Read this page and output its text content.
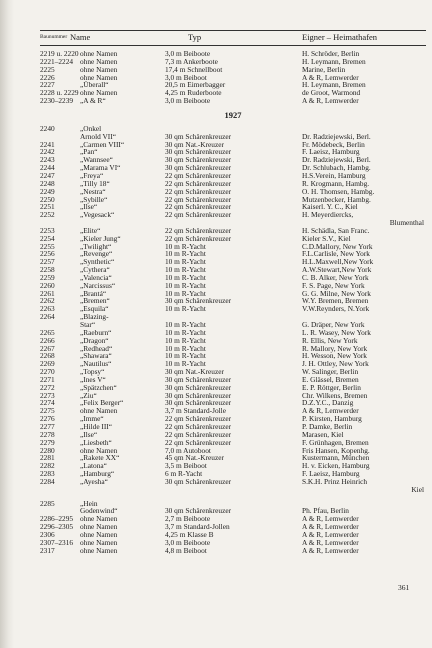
Baunummer Name	Typ	Eigner – Heimathafen
2219 u. 2220 ohne Namen	3,0 m Beiboote	H. Schröder, Berlin
2221–2224 ohne Namen	7,3 m Ankerboote	H. Leymann, Bremen
2225	ohne Namen	17,4 m Schnellboot	Marine, Berlin
2226	ohne Namen	3,0 m Beiboot	A & R, Lemwerder
2227	„Überall“	20,5 m Eimerbagger	H. Leymann, Bremen
2228 u. 2229 ohne Namen	4,25 m Ruderboote	de Groot, Warmond
2230–2239 „A & R“	3,0 m Beiboote	A & R, Lemwerder
1927
2240	„Onkel
Arnold VII“	30 qm Schärenkreuzer	Dr. Radziejewski, Berl.
2241	„Carmen VIII“	30 qm Nat.-Kreuzer	Fr. Mödebeck, Berlin
2242	„Pan“	30 qm Schärenkreuzer	F. Laeisz, Hamburg
2243	„Wannsee“	30 qm Schärenkreuzer	Dr. Radziejewski, Berl.
2244	„Marama VI“	30 qm Schärenkreuzer	Dr. Schlubach, Hambg.
2247	„Freya“	22 qm Schärenkreuzer	H.S.Verein, Hamburg
2248	„Tilly 18“	22 qm Schärenkreuzer	R. Krogmann, Hambg.
2249	„Nestra“	22 qm Schärenkreuzer	O. H. Thomsen, Hambg.
2250	„Sybille“	22 qm Schärenkreuzer	Mutzenbecker, Hambg.
2251	„Ilse“	22 qm Schärenkreuzer	Kaiserl. Y. C., Kiel
2252	„Vegesack“	22 qm Schärenkreuzer	H. Meyerdiercks,
Blumenthal
2253	„Elite“	22 qm Schärenkreuzer	H. Schädla, San Franc.
2254	„Kieler Jung“	22 qm Schärenkreuzer	Kieler S.V., Kiel
2255	„Twilight“	10 m R-Yacht	C.D.Mallory, New York
2256	„Revenge“	10 m R-Yacht	F.L.Carlisle, New York
2257	„Synthetic“	10 m R-Yacht	H.L.Maxwell,New York
2258	„Cythera“	10 m R-Yacht	A.W.Stewart,New York
2259	„Valencia“	10 m R-Yacht	C. B. Alker, New York
2260	„Narcissus“	10 m R-Yacht	F. S. Page, New York
2261	„Brantá“	10 m R-Yacht	G. G. Milne, New York
2262	„Bremen“	30 qm Schärenkreuzer	W.Y. Bremen, Bremen
2263	„Esquila“	10 m R-Yacht	V.W.Reynders, N.York
2264	„Blazing-
Star“	10 m R-Yacht	G. Dräper, New York
2265	„Raeburn“	10 m R-Yacht	L. R. Wasey, New York
2266	„Dragon“	10 m R-Yacht	R. Ellis, New York
2267	„Redhead“	10 m R-Yacht	R. Mallory, New York
2268	„Shawara“	10 m R-Yacht	H. Wesson, New York
2269	„Nautilus“	10 m R-Yacht	J. H. Ottley, New York
2270	„Topsy“	30 qm Nat.-Kreuzer	W. Salinger, Berlin
2271	„Ines V“	30 qm Schärenkreuzer	E. Glässel, Bremen
2272	„Spätzchen“	30 qm Schärenkreuzer	E. P. Röttger, Berlin
2273	„Ziu“	30 qm Schärenkreuzer	Chr. Wilkens, Bremen
2274	„Felix Berger“	30 qm Schärenkreuzer	D.Z.Y.C., Danzig
2275	ohne Namen	3,7 m Standard-Jolle	A & R, Lemwerder
2276	„Imme“	22 qm Schärenkreuzer	P. Kirsten, Hamburg
2277	„Hilde III“	22 qm Schärenkreuzer	P. Damke, Berlin
2278	„Ilse“	22 qm Schärenkreuzer	Marasen, Kiel
2279	„Liesbeth“	22 qm Schärenkreuzer	F. Grünhagen, Bremen
2280	ohne Namen	7,0 m Autoboot	Fris Hansen, Kopenhg.
2281	„Rakete XX“	45 qm Nat.-Kreuzer	Kustermann, München
2282	„Latona“	3,5 m Beiboot	H. v. Eicken, Hamburg
2283	„Hamburg“	6 m R-Yacht	F. Laeisz, Hamburg
2284	„Ayesha“	30 qm Schärenkreuzer	S.K.H. Prinz Heinrich
Kiel
2285	„Hein
Godenwind“	30 qm Schärenkreuzer	Ph. Pfau, Berlin
2286–2295 ohne Namen	2,7 m Beiboote	A & R, Lemwerder
2296–2305 ohne Namen	3,7 m Standard-Jollen	A & R, Lemwerder
2306	ohne Namen	4,25 m Klasse B	A & R, Lemwerder
2307–2316 ohne Namen	3,0 m Beiboote	A & R, Lemwerder
2317	ohne Namen	4,8 m Beiboot	A & R, Lemwerder
361
